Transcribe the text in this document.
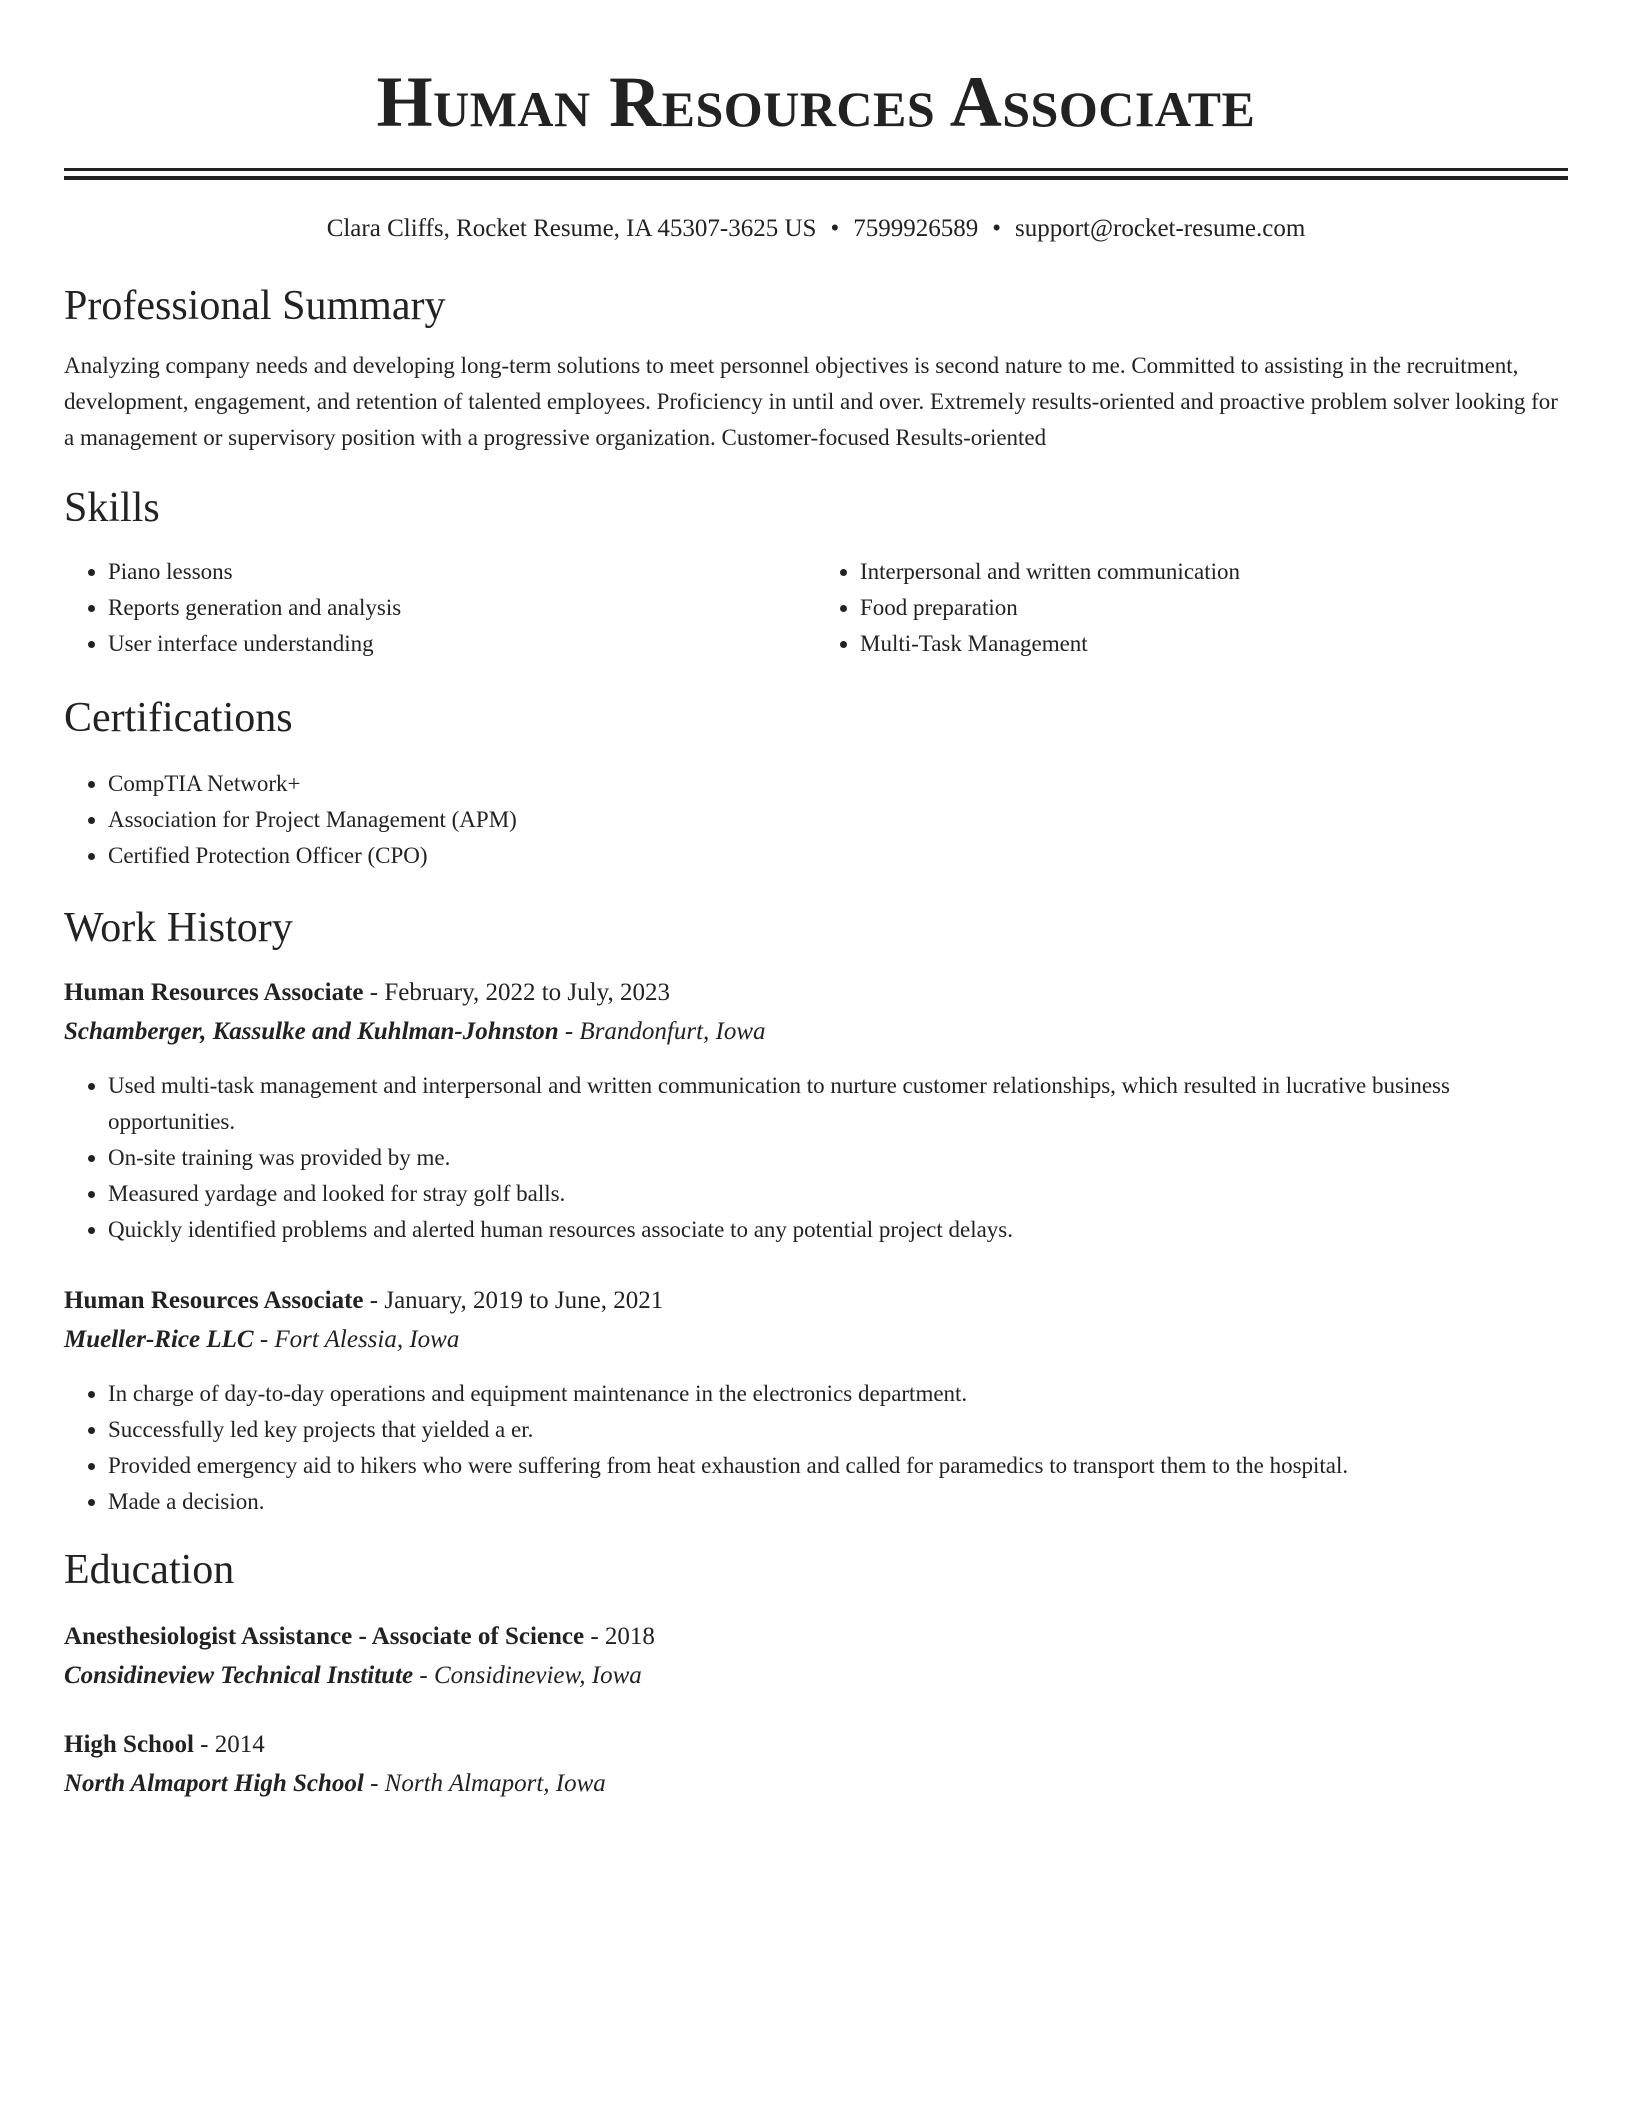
Human Resources Associate
Clara Cliffs, Rocket Resume, IA 45307-3625 US • 7599926589 • support@rocket-resume.com
Professional Summary
Analyzing company needs and developing long-term solutions to meet personnel objectives is second nature to me. Committed to assisting in the recruitment, development, engagement, and retention of talented employees. Proficiency in until and over. Extremely results-oriented and proactive problem solver looking for a management or supervisory position with a progressive organization. Customer-focused Results-oriented
Skills
• Piano lessons
• Reports generation and analysis
• User interface understanding
• Interpersonal and written communication
• Food preparation
• Multi-Task Management
Certifications
• CompTIA Network+
• Association for Project Management (APM)
• Certified Protection Officer (CPO)
Work History
Human Resources Associate - February, 2022 to July, 2023
Schamberger, Kassulke and Kuhlman-Johnston - Brandonfurt, Iowa
• Used multi-task management and interpersonal and written communication to nurture customer relationships, which resulted in lucrative business opportunities.
• On-site training was provided by me.
• Measured yardage and looked for stray golf balls.
• Quickly identified problems and alerted human resources associate to any potential project delays.
Human Resources Associate - January, 2019 to June, 2021
Mueller-Rice LLC - Fort Alessia, Iowa
• In charge of day-to-day operations and equipment maintenance in the electronics department.
• Successfully led key projects that yielded a er.
• Provided emergency aid to hikers who were suffering from heat exhaustion and called for paramedics to transport them to the hospital.
• Made a decision.
Education
Anesthesiologist Assistance - Associate of Science - 2018
Considineview Technical Institute - Considineview, Iowa
High School - 2014
North Almaport High School - North Almaport, Iowa
